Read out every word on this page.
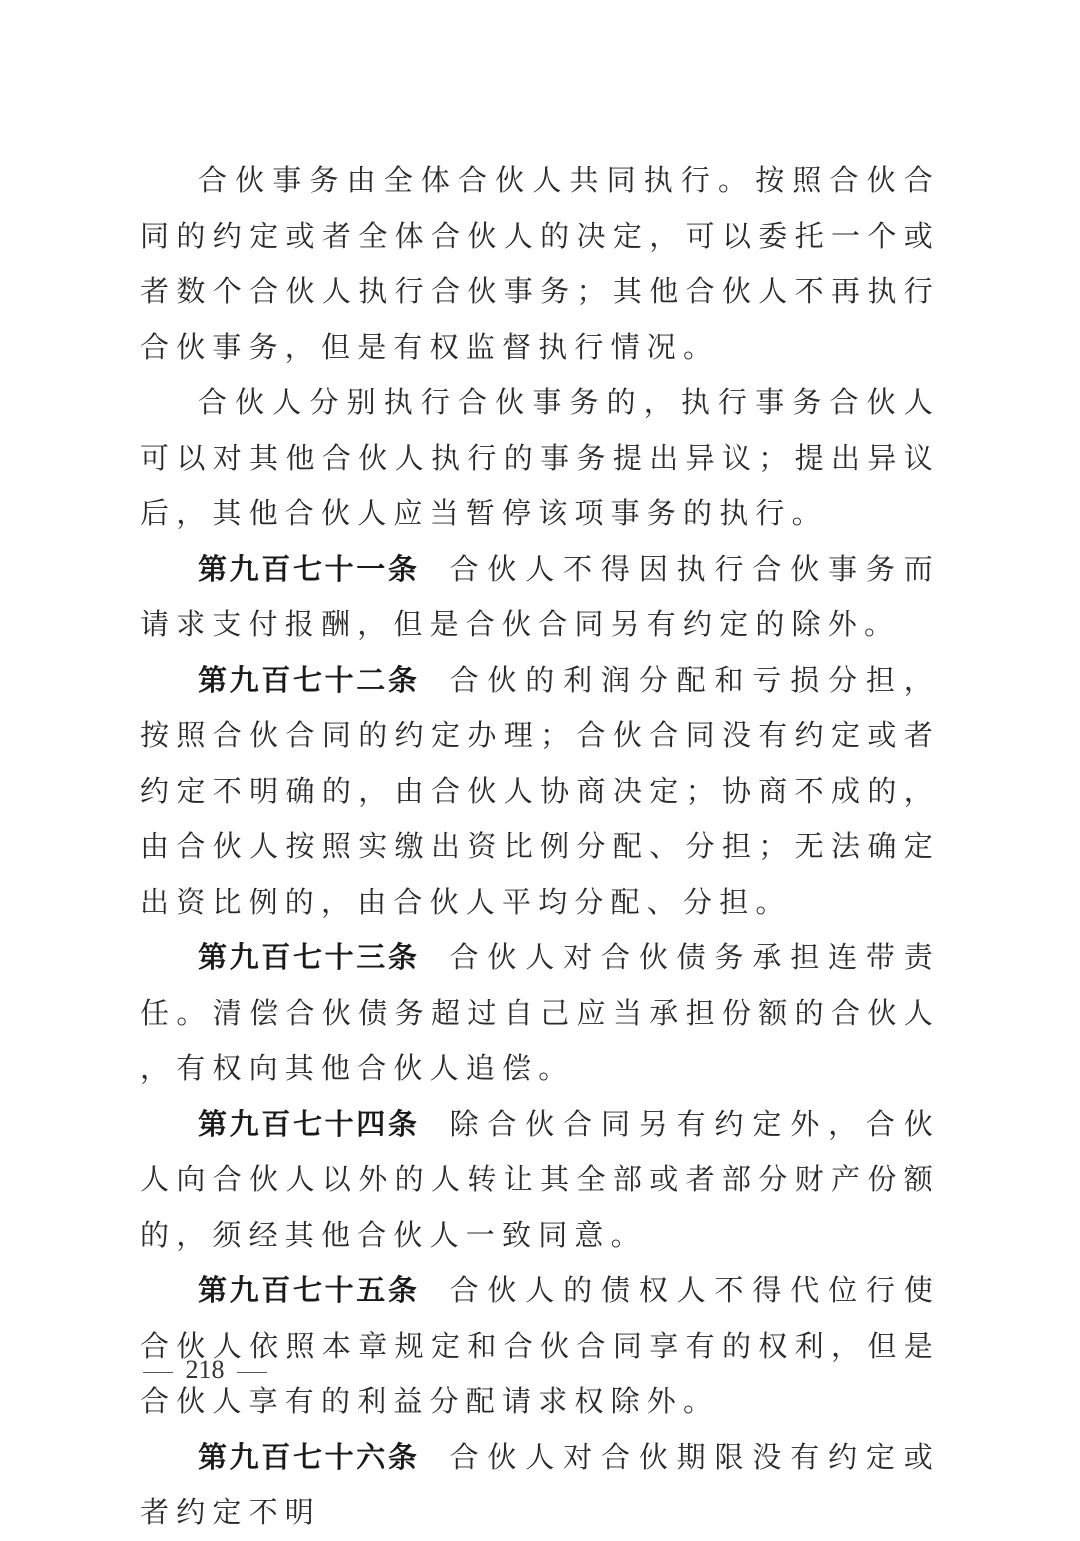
合伙事务由全体合伙人共同执行。按照合伙合同的约定或者全体合伙人的决定，可以委托一个或者数个合伙人执行合伙事务；其他合伙人不再执行合伙事务，但是有权监督执行情况。

合伙人分别执行合伙事务的，执行事务合伙人可以对其他合伙人执行的事务提出异议；提出异议后，其他合伙人应当暂停该项事务的执行。

第九百七十一条 合伙人不得因执行合伙事务而请求支付报酬，但是合伙合同另有约定的除外。

第九百七十二条 合伙的利润分配和亏损分担，按照合伙合同的约定办理；合伙合同没有约定或者约定不明确的，由合伙人协商决定；协商不成的，由合伙人按照实缴出资比例分配、分担；无法确定出资比例的，由合伙人平均分配、分担。

第九百七十三条 合伙人对合伙债务承担连带责任。清偿合伙债务超过自己应当承担份额的合伙人，有权向其他合伙人追偿。

第九百七十四条 除合伙合同另有约定外，合伙人向合伙人以外的人转让其全部或者部分财产份额的，须经其他合伙人一致同意。

第九百七十五条 合伙人的债权人不得代位行使合伙人依照本章规定和合伙合同享有的权利，但是合伙人享有的利益分配请求权除外。

第九百七十六条 合伙人对合伙期限没有约定或者约定不明

218
